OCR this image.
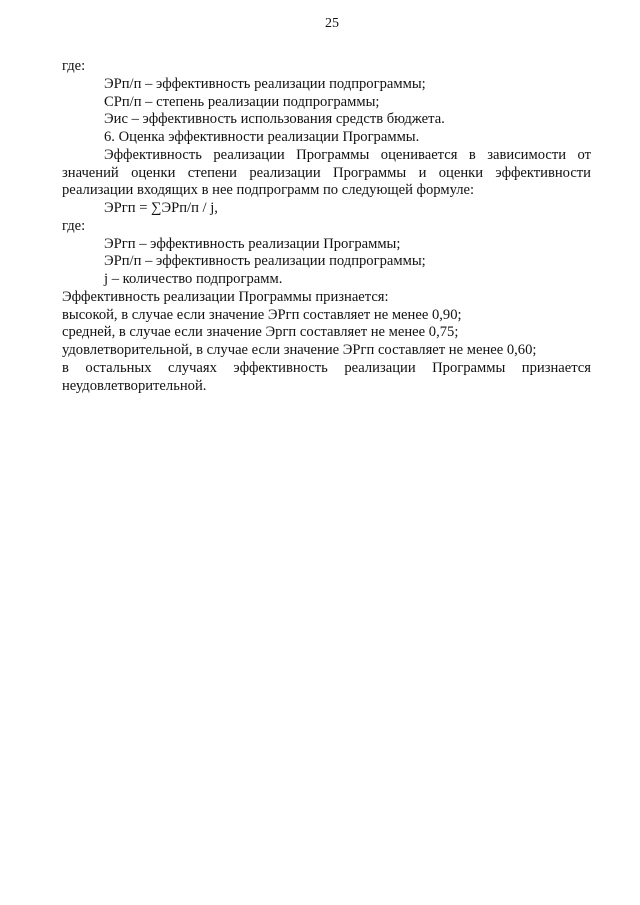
25
где:
ЭРп/п – эффективность реализации подпрограммы;
СРп/п – степень реализации подпрограммы;
Эис – эффективность использования средств бюджета.
6. Оценка эффективности реализации Программы.
Эффективность реализации Программы оценивается в зависимости от
значений оценки степени реализации Программы и оценки эффективности
реализации входящих в нее подпрограмм по следующей формуле:
ЭРгп = ∑ЭРп/п / j,
где:
ЭРгп – эффективность реализации Программы;
ЭРп/п – эффективность реализации подпрограммы;
j – количество подпрограмм.
Эффективность реализации Программы признается:
высокой, в случае если значение ЭРгп составляет не менее 0,90;
средней, в случае если значение Эргп составляет не менее 0,75;
удовлетворительной, в случае если значение ЭРгп составляет не менее 0,60;
в остальных случаях эффективность реализации Программы признается
неудовлетворительной.
